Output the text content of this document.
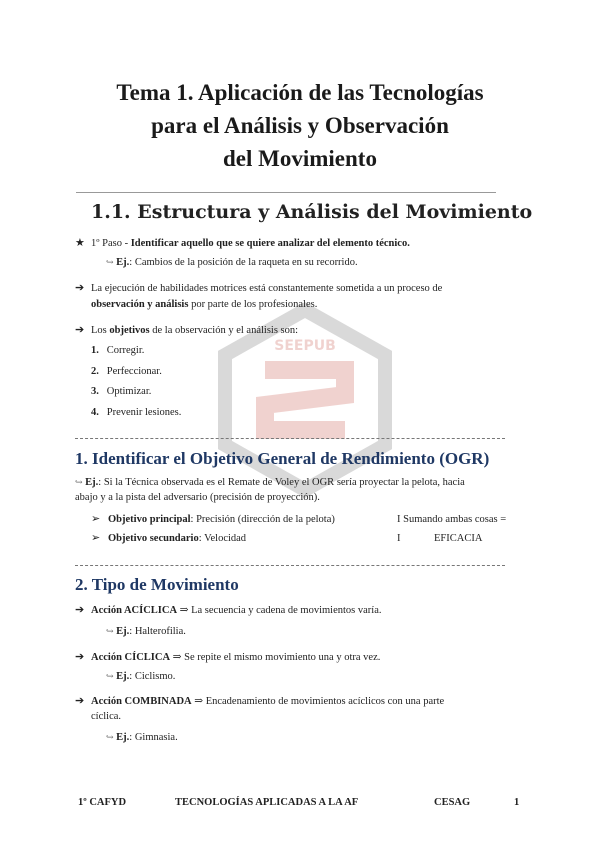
SEEPUB
Tema 1. Aplicación de las Tecnologías
para el Análisis y Observación
del Movimiento
1.1. Estructura y Análisis del Movimiento
★ 1º Paso - Identificar aquello que se quiere analizar del elemento técnico.
↪ Ej.: Cambios de la posición de la raqueta en su recorrido.
➔ La ejecución de habilidades motrices está constantemente sometida a un proceso de
observación y análisis por parte de los profesionales.
➔ Los objetivos de la observación y el análisis son:
1. Corregir.
2. Perfeccionar.
3. Optimizar.
4. Prevenir lesiones.
1. Identificar el Objetivo General de Rendimiento (OGR)
↪ Ej.: Si la Técnica observada es el Remate de Voley el OGR sería proyectar la pelota, hacia
abajo y a la pista del adversario (precisión de proyección).
➢ Objetivo principal: Precisión (dirección de la pelota)	I Sumando ambas cosas =
➢ Objetivo secundario: Velocidad	I	EFICACIA
2. Tipo de Movimiento
➔ Acción ACÍCLICA ⇒ La secuencia y cadena de movimientos varía.
↪ Ej.: Halterofilia.
➔ Acción CÍCLICA ⇒ Se repite el mismo movimiento una y otra vez.
↪ Ej.: Ciclismo.
➔ Acción COMBINADA ⇒ Encadenamiento de movimientos acíclicos con una parte
cíclica.
↪ Ej.: Gimnasia.
1º CAFYD	TECNOLOGÍAS APLICADAS A LA AF	CESAG	1
